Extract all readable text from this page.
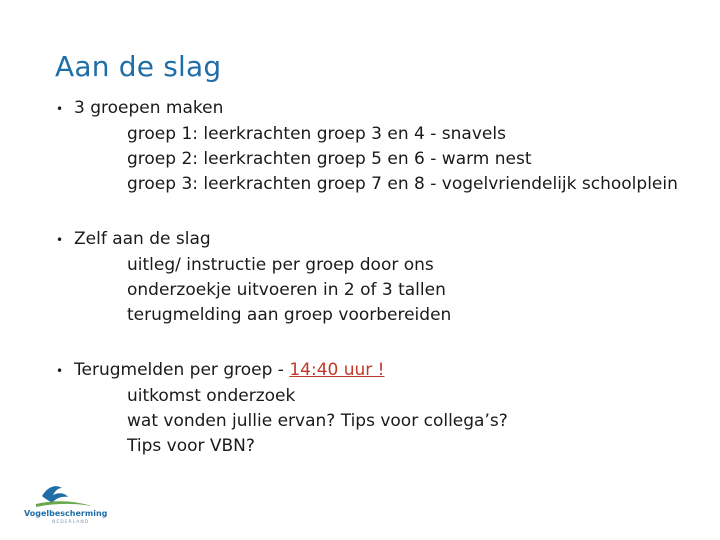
Aan de slag
• 3 groepen maken
groep 1: leerkrachten groep 3 en 4 - snavels
groep 2: leerkrachten groep 5 en 6 - warm nest
groep 3: leerkrachten groep 7 en 8 - vogelvriendelijk schoolplein
• Zelf aan de slag
uitleg/ instructie per groep door ons
onderzoekje uitvoeren in 2 of 3 tallen
terugmelding aan groep voorbereiden
• Terugmelden per groep - 14:40 uur !
uitkomst onderzoek
wat vonden jullie ervan? Tips voor collega’s?
Tips voor VBN?
Vogelbescherming
NEDERLAND
